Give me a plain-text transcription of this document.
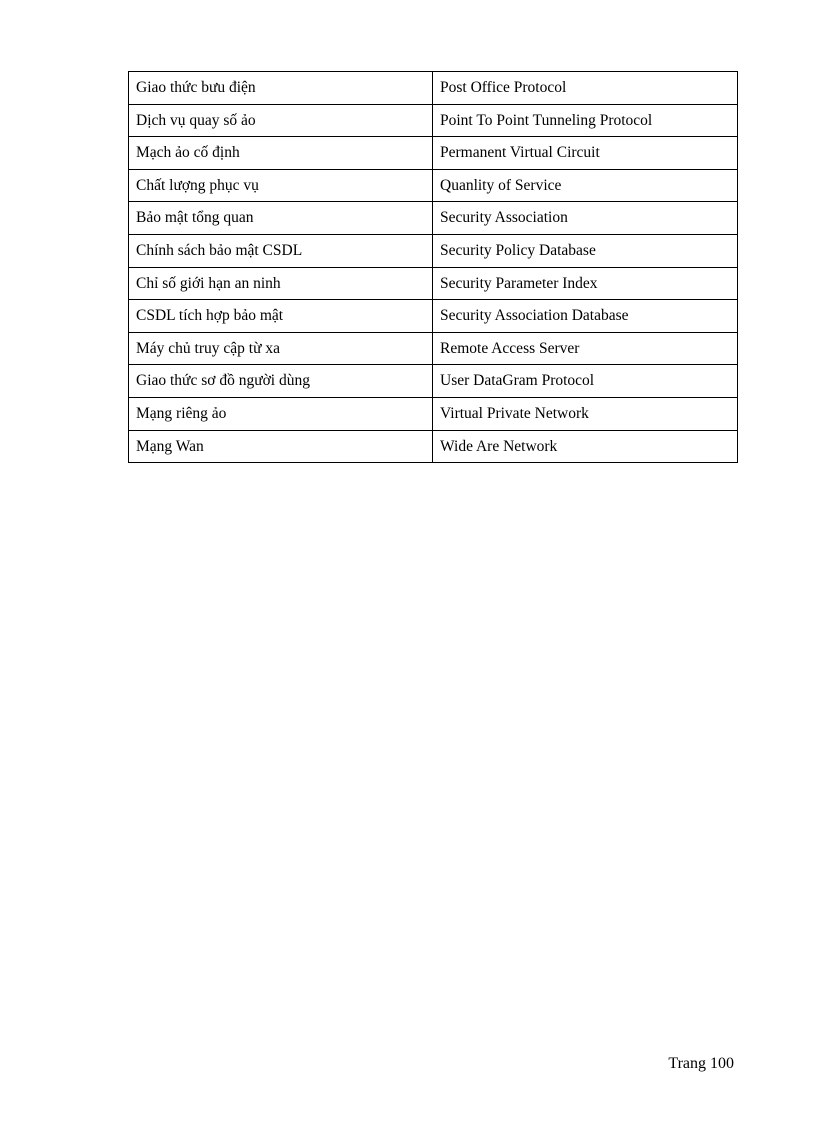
Giao thức bưu điện	Post Office Protocol
Dịch vụ quay số ảo	Point To Point Tunneling Protocol
Mạch ảo cố định	Permanent Virtual Circuit
Chất lượng phục vụ	Quanlity of Service
Bảo mật tổng quan	Security Association
Chính sách bảo mật CSDL	Security Policy Database
Chỉ số giới hạn an ninh	Security Parameter Index
CSDL tích hợp bảo mật	Security Association Database
Máy chủ truy cập từ xa	Remote Access Server
Giao thức sơ đồ người dùng	User DataGram Protocol
Mạng riêng ảo	Virtual Private Network
Mạng Wan	Wide Are Network
Trang 100
